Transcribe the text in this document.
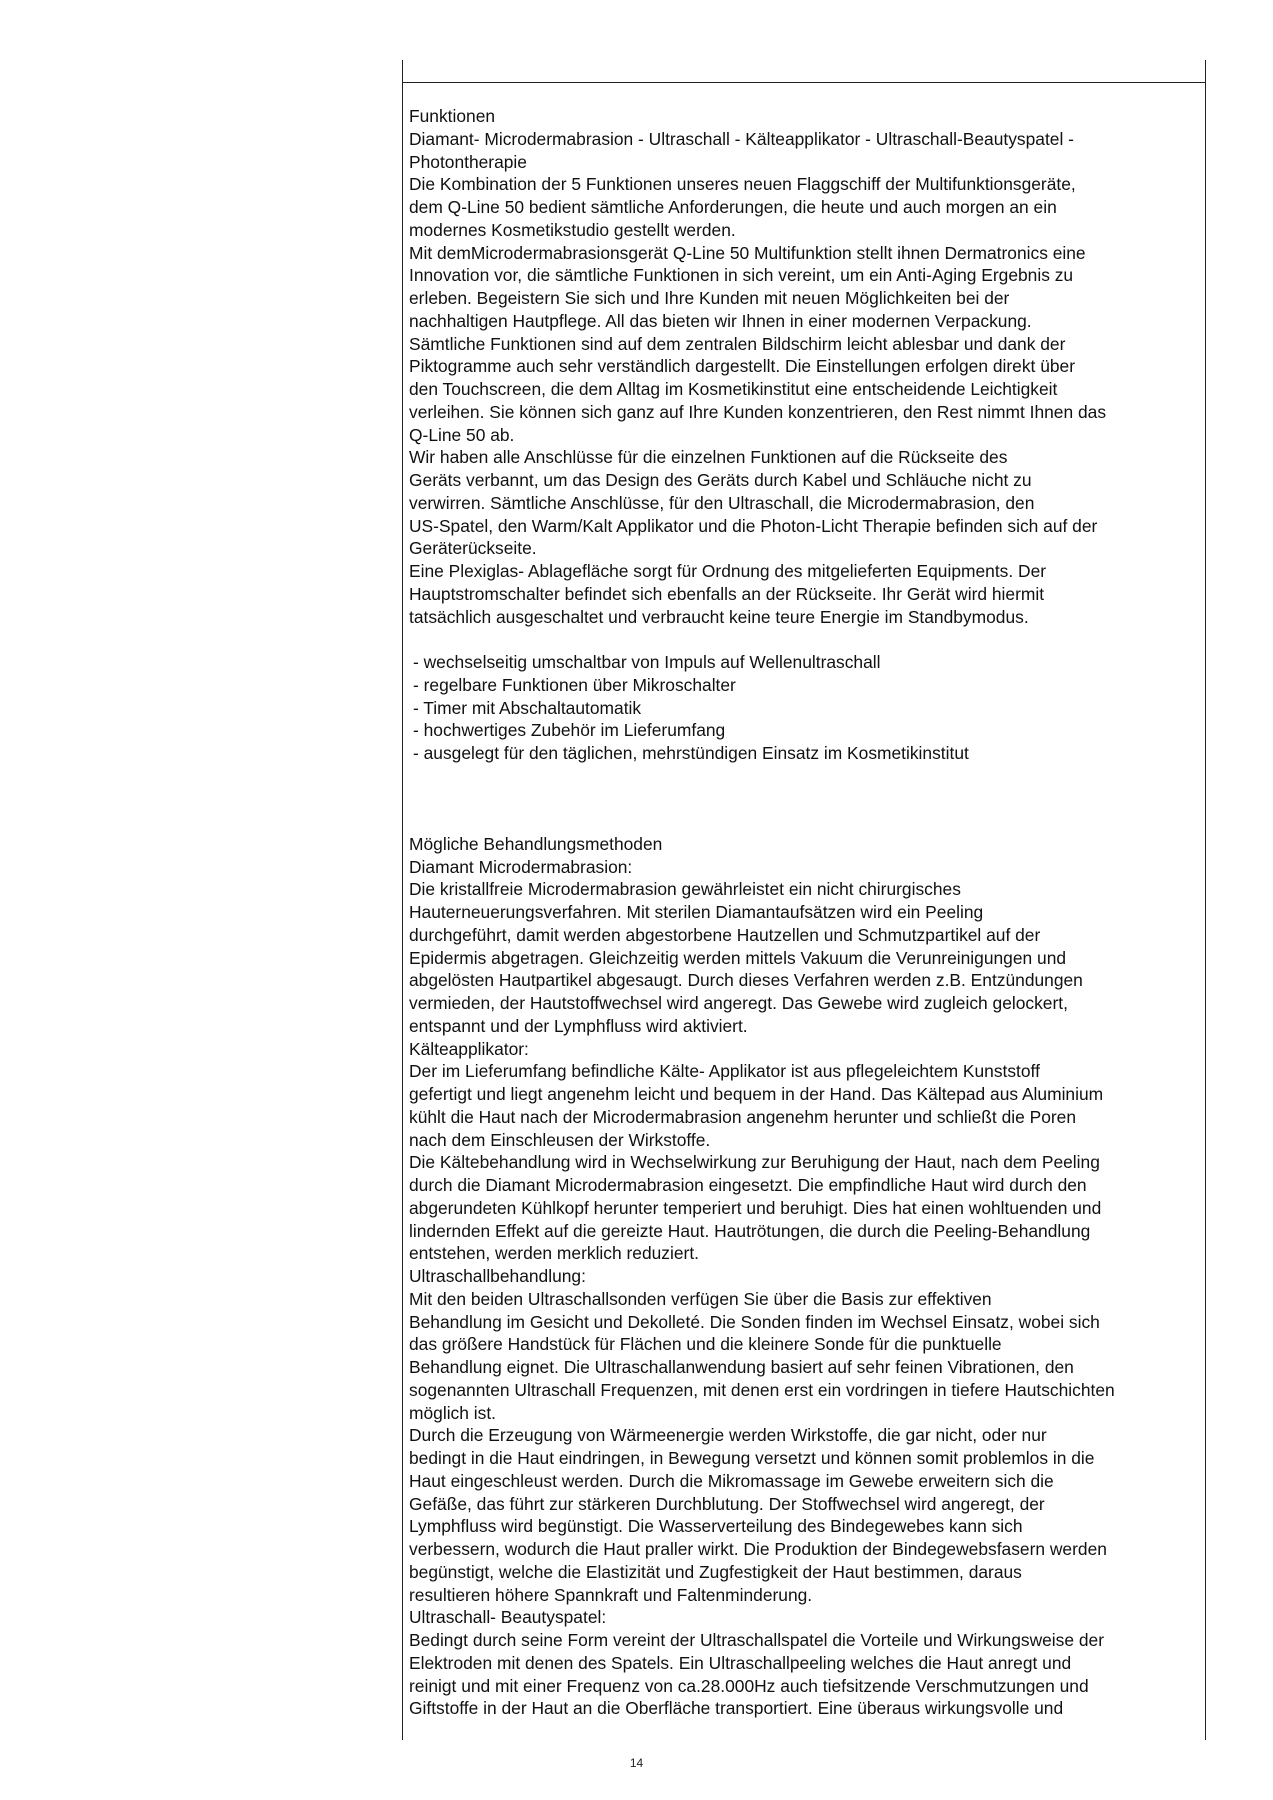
Funktionen

Diamant- Microdermabrasion - Ultraschall - Kälteapplikator - Ultraschall-Beautyspatel -

Photontherapie

Die Kombination der 5 Funktionen unseres neuen Flaggschiff der Multifunktionsgeräte,

dem Q-Line 50 bedient sämtliche Anforderungen, die heute und auch morgen an ein

modernes Kosmetikstudio gestellt werden.

Mit demMicrodermabrasionsgerät Q-Line 50 Multifunktion stellt ihnen Dermatronics eine

Innovation vor, die sämtliche Funktionen in sich vereint, um ein Anti-Aging Ergebnis zu

erleben. Begeistern Sie sich und Ihre Kunden mit neuen Möglichkeiten bei der

nachhaltigen Hautpflege. All das bieten wir Ihnen in einer modernen Verpackung.

Sämtliche Funktionen sind auf dem zentralen Bildschirm leicht ablesbar und dank der

Piktogramme auch sehr verständlich dargestellt. Die Einstellungen erfolgen direkt über

den Touchscreen, die dem Alltag im Kosmetikinstitut eine entscheidende Leichtigkeit

verleihen. Sie können sich ganz auf Ihre Kunden konzentrieren, den Rest nimmt Ihnen das

Q-Line 50 ab.

Wir haben alle Anschlüsse für die einzelnen Funktionen auf die Rückseite des

Geräts verbannt, um das Design des Geräts durch Kabel und Schläuche nicht zu

verwirren. Sämtliche Anschlüsse, für den Ultraschall, die Microdermabrasion, den

US-Spatel, den Warm/Kalt Applikator und die Photon-Licht Therapie befinden sich auf der

Geräterückseite.

Eine Plexiglas- Ablagefläche sorgt für Ordnung des mitgelieferten Equipments. Der

Hauptstromschalter befindet sich ebenfalls an der Rückseite. Ihr Gerät wird hiermit

tatsächlich ausgeschaltet und verbraucht keine teure Energie im Standbymodus.

- wechselseitig umschaltbar von Impuls auf Wellenultraschall
- regelbare Funktionen über Mikroschalter
- Timer mit Abschaltautomatik
- hochwertiges Zubehör im Lieferumfang
- ausgelegt für den täglichen, mehrstündigen Einsatz im Kosmetikinstitut

Mögliche Behandlungsmethoden

Diamant Microdermabrasion:

Die kristallfreie Microdermabrasion gewährleistet ein nicht chirurgisches

Hauterneuerungsverfahren. Mit sterilen Diamantaufsätzen wird ein Peeling

durchgeführt, damit werden abgestorbene Hautzellen und Schmutzpartikel auf der

Epidermis abgetragen. Gleichzeitig werden mittels Vakuum die Verunreinigungen und

abgelösten Hautpartikel abgesaugt. Durch dieses Verfahren werden z.B. Entzündungen

vermieden, der Hautstoffwechsel wird angeregt. Das Gewebe wird zugleich gelockert,

entspannt und der Lymphfluss wird aktiviert.

Kälteapplikator:

Der im Lieferumfang befindliche Kälte- Applikator ist aus pflegeleichtem Kunststoff

gefertigt und liegt angenehm leicht und bequem in der Hand. Das Kältepad aus Aluminium

kühlt die Haut nach der Microdermabrasion angenehm herunter und schließt die Poren

nach dem Einschleusen der Wirkstoffe.

Die Kältebehandlung wird in Wechselwirkung zur Beruhigung der Haut, nach dem Peeling

durch die Diamant Microdermabrasion eingesetzt. Die empfindliche Haut wird durch den

abgerundeten Kühlkopf herunter temperiert und beruhigt. Dies hat einen wohltuenden und

lindernden Effekt auf die gereizte Haut. Hautrötungen, die durch die Peeling-Behandlung

entstehen, werden merklich reduziert.

Ultraschallbehandlung:

Mit den beiden Ultraschallsonden verfügen Sie über die Basis zur effektiven

Behandlung im Gesicht und Dekolleté. Die Sonden finden im Wechsel Einsatz, wobei sich

das größere Handstück für Flächen und die kleinere Sonde für die punktuelle

Behandlung eignet. Die Ultraschallanwendung basiert auf sehr feinen Vibrationen, den

sogenannten Ultraschall Frequenzen, mit denen erst ein vordringen in tiefere Hautschichten

möglich ist.

Durch die Erzeugung von Wärmeenergie werden Wirkstoffe, die gar nicht, oder nur

bedingt in die Haut eindringen, in Bewegung versetzt und können somit problemlos in die

Haut eingeschleust werden. Durch die Mikromassage im Gewebe erweitern sich die

Gefäße, das führt zur stärkeren Durchblutung. Der Stoffwechsel wird angeregt, der

Lymphfluss wird begünstigt. Die Wasserverteilung des Bindegewebes kann sich

verbessern, wodurch die Haut praller wirkt. Die Produktion der Bindegewebsfasern werden

begünstigt, welche die Elastizität und Zugfestigkeit der Haut bestimmen, daraus

resultieren höhere Spannkraft und Faltenminderung.

Ultraschall- Beautyspatel:

Bedingt durch seine Form vereint der Ultraschallspatel die Vorteile und Wirkungsweise der

Elektroden mit denen des Spatels. Ein Ultraschallpeeling welches die Haut anregt und

reinigt und mit einer Frequenz von ca.28.000Hz auch tiefsitzende Verschmutzungen und

Giftstoffe in der Haut an die Oberfläche transportiert. Eine überaus wirkungsvolle und

14
